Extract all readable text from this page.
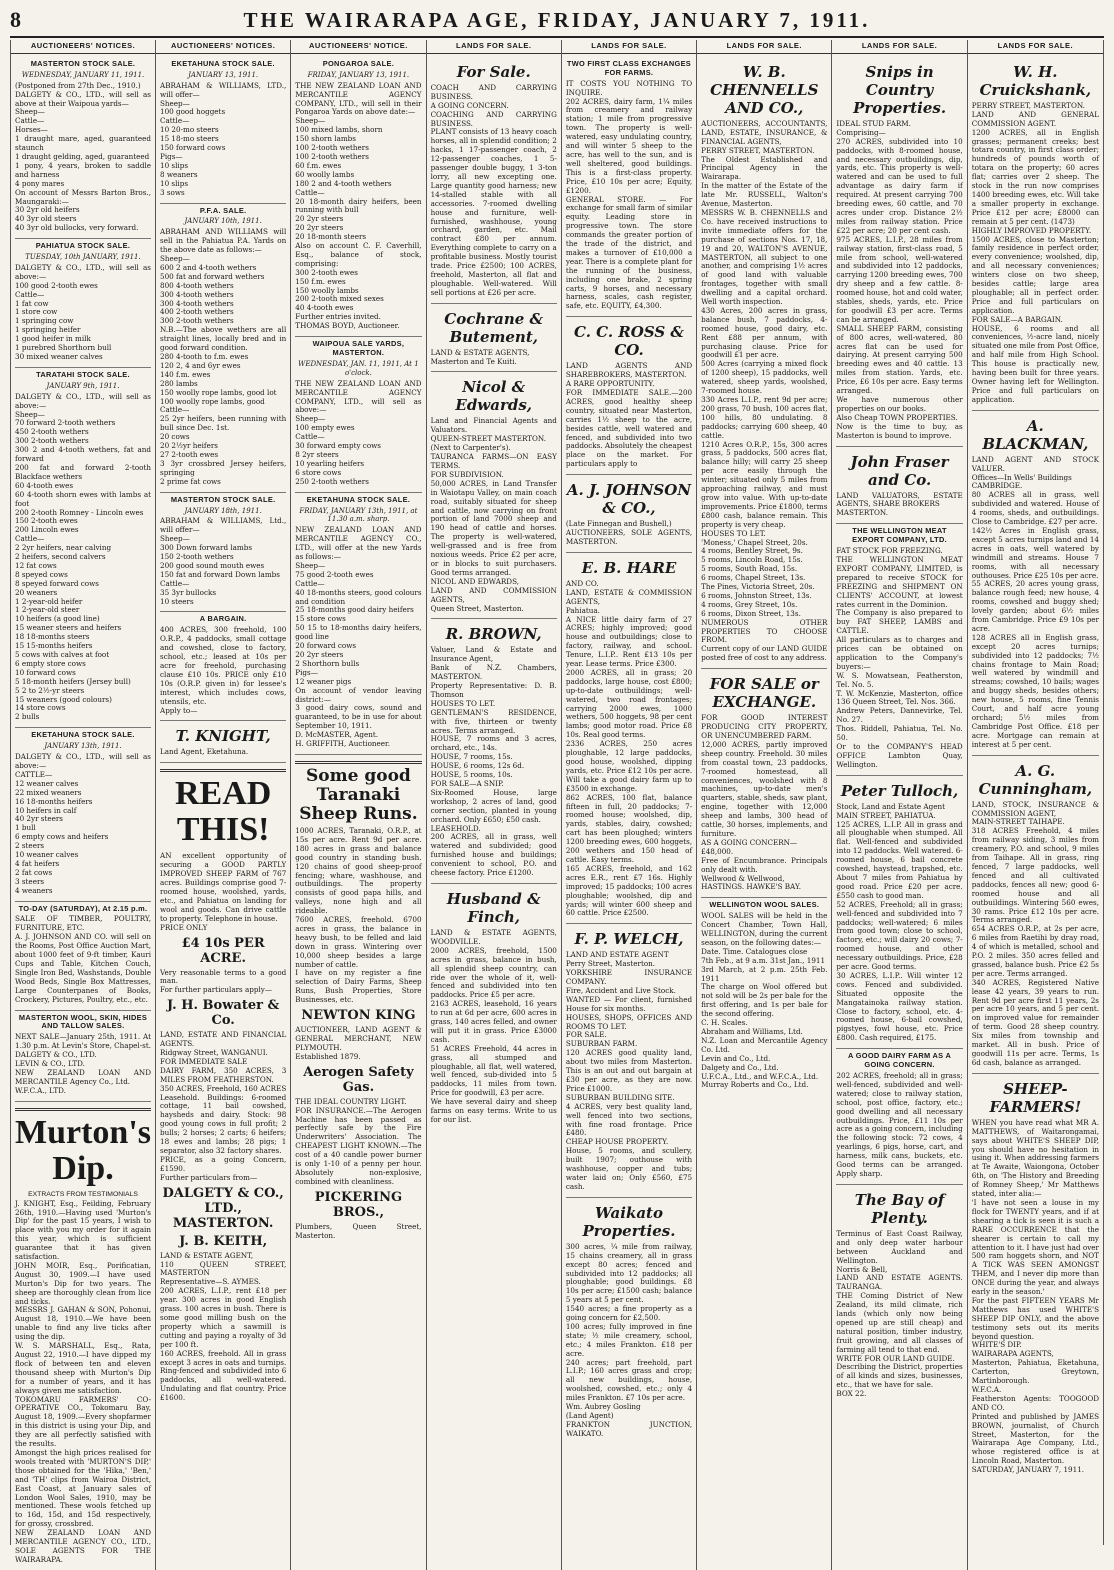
8	THE WAIRARAPA AGE, FRIDAY, JANUARY 7, 1911.
AUCTIONEERS' NOTICES.
MASTERTON STOCK SALE.
WEDNESDAY, JANUARY 11, 1911.
(Postponed from 27th Dec., 1910.)
DALGETY & CO., LTD., will sell as above at their Waipoua yards—
Sheep—
Cattle—
Horses—
1 draught mare, aged, guaranteed staunch
1 draught gelding, aged, guaranteed
1 pony, 4 years, broken to saddle and harness
4 pony mares
On account of Messrs Barton Bros., Maungaraki:—
30 2yr old heifers
40 3yr old steers
40 3yr old bullocks, very forward.
PAHIATUA STOCK SALE.
TUESDAY, 10th JANUARY, 1911.
DALGETY & CO., LTD., will sell as above:—
100 good 2-tooth ewes
Cattle—
1 fat cow
1 store cow
1 springing cow
1 springing heifer
1 good heifer in milk
1 purebred Shorthorn bull
30 mixed weaner calves
TARATAHI STOCK SALE.
JANUARY 9th, 1911.
DALGETY & CO., LTD., will sell as above:—
Sheep—
70 forward 2-tooth wethers
450 2-tooth wethers
300 2-tooth wethers
300 2 and 4-tooth wethers, fat and forward
200 fat and forward 2-tooth Blackface wethers
60 4-tooth ewes
60 4-tooth shorn ewes with lambs at foot
200 2-tooth Romney - Lincoln ewes
150 2-tooth ewes
200 Lincoln ewes
Cattle—
2 2yr heifers, near calving
2 heifers, second calvers
12 fat cows
8 speyed cows
8 speyed forward cows
20 weaners
1 2-year-old heifer
1 2-year-old steer
10 heifers (a good line)
15 weaner steers and heifers
18 18-months steers
15 15-months heifers
5 cows with calves at foot
6 empty store cows
10 forward cows
5 18-month heifers (Jersey bull)
5 2 to 2½-yr steers
15 weaners (good colours)
14 store cows
2 bulls
EKETAHUNA STOCK SALE.
JANUARY 13th, 1911.
DALGETY & CO., LTD., will sell as above:—
CATTLE—
12 weaner calves
22 mixed weaners
16 18-months heifers
10 heifers in calf
40 2yr steers
1 bull
6 empty cows and heifers
2 steers
10 weaner calves
4 fat heifers
2 fat cows
3 steers
4 weaners
TO-DAY (SATURDAY), At 2.15 p.m.
SALE OF TIMBER, POULTRY, FURNITURE, ETC.
A. J. JOHNSON AND CO. will sell on the Rooms, Post Office Auction Mart, about 1000 feet of 9-ft timber, Kauri Cups and Table, Kitchen Couch, Single Iron Bed, Washstands, Double Wood Beds, Single Box Mattresses, Large Counterpanes of Books, Crockery, Pictures, Poultry, etc., etc.
MASTERTON WOOL, SKIN, HIDES AND TALLOW SALES.
NEXT SALE—January 25th, 1911. At 1.30 p.m. At Levin's Store, Chapel-st.
DALGETY & CO., LTD.
LEVIN & CO., LTD.
NEW ZEALAND LOAN AND MERCANTILE Agency Co., Ltd.
W.F.C.A., LTD.
Murton's Dip.
EXTRACTS FROM TESTIMONIALS
J. KNIGHT, Esq., Feilding, February 26th, 1910.—Having used 'Murton's Dip' for the past 15 years, I wish to place with you my order for it again this year, which is sufficient guarantee that it has given satisfaction.
JOHN MOIR, Esq., Porificatian, August 30, 1909.—I have used Murton's Dip for two years. The sheep are thoroughly clean from lice and ticks.
MESSRS J. GAHAN & SON, Pohonui, August 18, 1910.—We have been unable to find any live ticks after using the dip.
W. S. MARSHALL, Esq., Rata, August 22, 1910.—I have dipped my flock of between ten and eleven thousand sheep with Murton's Dip for a number of years, and it has always given me satisfaction.
TOKOMARU FARMERS' CO-OPERATIVE CO., Tokomaru Bay, August 18, 1909.—Every shopfarmer in this district is using your Dip, and they are all perfectly satisfied with the results.
Amongst the high prices realised for wools treated with 'MURTON'S DIP,' those obtained for the 'Hika,' 'Ben,' and 'TH' clips from Wairoa District, East Coast, at January sales of London Wool Sales, 1910, may be mentioned. These wools fetched up to 16d, 15d, and 15d respectively, for grossy, crossbred.
NEW ZEALAND LOAN AND MERCANTILE AGENCY CO., LTD., SOLE AGENTS FOR THE WAIRARAPA.
AUCTIONEERS' NOTICES.
EKETAHUNA STOCK SALE.
JANUARY 13, 1911.
ABRAHAM & WILLIAMS, LTD., will offer—
Sheep—
100 good hoggets
Cattle—
10 20-mo steers
15 18-mo steers
150 forward cows
Pigs—
10 slips
8 weaners
10 slips
3 sows
P.F.A. SALE.
JANUARY 10th, 1911.
ABRAHAM AND WILLIAMS will sell in the Pahiatua P.A. Yards on the above date as follows:—
Sheep—
600 2 and 4-tooth wethers
500 fat and forward wethers
800 4-tooth wethers
300 4-tooth wethers
300 4-tooth wethers
400 2-tooth wethers
300 2-tooth wethers
N.B.—The above wethers are all straight lines, locally bred and in good forward condition.
280 4-tooth to f.m. ewes
120 2, 4 and 6yr ewes
140 f.m. ewes
280 lambs
150 woolly rope lambs, good lot
100 woolly rope lambs, good
Cattle—
25 2yr heifers, been running with bull since Dec. 1st.
20 cows
20 2½yr heifers
27 2-tooth ewes
3 3yr crossbred Jersey heifers, springing
2 prime fat cows
MASTERTON STOCK SALE.
JANUARY 18th, 1911.
ABRAHAM & WILLIAMS, Ltd., will offer—
Sheep—
300 Down forward lambs
150 2-tooth wethers
200 good sound mouth ewes
150 fat and forward Down lambs
Cattle—
35 3yr bullocks
10 steers
A BARGAIN.
400 ACRES, 300 freehold, 100 O.R.P., 4 paddocks, small cottage and cowshed, close to factory, school, etc.; leased at 10s per acre for freehold, purchasing clause £10 10s. PRICE only £10 10s (O.R.P. given in) for lessee's interest, which includes cows, utensils, etc.
Apply to—
T. KNIGHT,
Land Agent, Eketahuna.
READ THIS!
AN excellent opportunity of securing a GOOD PARTLY IMPROVED SHEEP FARM of 767 acres. Buildings comprise good 7-roomed house, woolshed, yards, etc., and Pahiatua on landing for wool and goods. Can drive cattle to property. Telephone in house.
PRICE ONLY
£4 10s PER ACRE.
Very reasonable terms to a good man.
For further particulars apply—
J. H. Bowater & Co.
LAND, ESTATE AND FINANCIAL AGENTS.
Ridgway Street, WANGANUI.
FOR IMMEDIATE SALE
DAIRY FARM, 350 ACRES, 3 MILES FROM FEATHERSTON.
350 ACRES, Freehold, 160 ACRES Leasehold. Buildings: 6-roomed cottage, 11 bail cowshed, haysheds and dairy. Stock: 98 good young cows in full profit; 2 bulls; 2 horses; 2 carts; 6 heifers; 18 ewes and lambs; 28 pigs; 1 separator, also 32 factory shares.
PRICE, as a going Concern, £1590.
Further particulars from—
DALGETY & CO., LTD., MASTERTON.
J. B. KEITH,
LAND & ESTATE AGENT,
110 QUEEN STREET, MASTERTON
Representative—S. AYMES.
200 ACRES, L.I.P., rent £18 per year. 300 acres in good English grass. 100 acres in bush. There is some good milling bush on the property which a sawmill is cutting and paying a royalty of 3d per 100 ft.
160 ACRES, freehold. All in grass except 3 acres in oats and turnips. Ring-fenced and subdivided into 6 paddocks, all well-watered. Undulating and flat country. Price £1600.
AUCTIONEERS' NOTICE.
PONGAROA SALE.
FRIDAY, JANUARY 13, 1911.
THE NEW ZEALAND LOAN AND MERCANTILE AGENCY COMPANY, LTD., will sell in their Pongaroa Yards on above date:—
Sheep—
100 mixed lambs, shorn
150 shorn lambs
100 2-tooth wethers
100 2-tooth wethers
60 f.m. ewes
60 woolly lambs
180 2 and 4-tooth wethers
Cattle—
20 18-month dairy heifers, been running with bull
20 2yr steers
20 2yr steers
20 18-month steers
Also on account C. F. Caverhill, Esq., balance of stock, comprising:
300 2-tooth ewes
150 f.m. ewes
150 woolly lambs
200 2-tooth mixed sexes
40 4-tooth ewes
Further entries invited.
THOMAS BOYD, Auctioneer.
WAIPOUA SALE YARDS, MASTERTON.
WEDNESDAY, JAN. 11, 1911, At 1 o'clock.
THE NEW ZEALAND LOAN AND MERCANTILE AGENCY COMPANY, LTD., will sell as above:—
Sheep—
100 empty ewes
Cattle—
30 forward empty cows
8 2yr steers
10 yearling heifers
6 store cows
250 2-tooth wethers
EKETAHUNA STOCK SALE.
FRIDAY, JANUARY 13th, 1911, at 11.30 a.m. sharp.
NEW ZEALAND LOAN AND MERCANTILE AGENCY CO., LTD., will offer at the new Yards as follows:—
Sheep—
75 good 2-tooth ewes
Cattle—
40 18-months steers, good colours and condition
25 18-months good dairy heifers
15 store cows
50 15 to 18-months dairy heifers, good line
20 forward cows
20 2yr steers
2 Shorthorn bulls
Pigs—
12 weaner pigs
On account of vendor leaving district:—
3 good dairy cows, sound and guaranteed, to be in use for about September 10, 1911.
D. McMASTER, Agent.
H. GRIFFITH, Auctioneer.
Some good Taranaki Sheep Runs.
1000 ACRES, Taranaki, O.R.P., at 15s per acre. Rent 9d per acre. 180 acres in grass and balance good country in standing bush. 120 chains of good sheep-proof fencing; whare, washhouse, and outbuildings. The property consists of good papa hills, and valleys, none high and all rideable.
7600 ACRES, freehold. 6700 acres in grass, the balance in heavy bush, to be felled and laid down in grass. Wintering over 10,000 sheep besides a large number of cattle.
I have on my register a fine selection of Dairy Farms, Sheep Runs, Bush Properties, Store Businesses, etc.
NEWTON KING
AUCTIONEER, LAND AGENT & GENERAL MERCHANT, NEW PLYMOUTH.
Established 1879.
Aerogen Safety Gas.
THE IDEAL COUNTRY LIGHT.
FOR INSURANCE.—The Aerogen Machine has been passed as perfectly safe by the Fire Underwriters' Association. The CHEAPEST LIGHT KNOWN.—The cost of a 40 candle power burner is only 1-10 of a penny per hour. Absolutely non-explosive, combined with cleanliness.
PICKERING BROS.,
Plumbers, Queen Street, Masterton.
LANDS FOR SALE.
For Sale.
COACH AND CARRYING BUSINESS.
A GOING CONCERN.
COACHING AND CARRYING BUSINESS.
PLANT consists of 13 heavy coach horses, all in splendid condition; 2 hacks, 1 17-passenger coach, 2 12-passenger coaches, 1 5-passenger double buggy, 1 3-ton lorry, all new excepting one. Large quantity good harness; new 14-stalled stable with all accessories. 7-roomed dwelling house and furniture, well-furnished, washhouse, young orchard, garden, etc. Mail contract £80 per annum. Everything complete to carry on a profitable business. Mostly tourist trade. Price £2500; 100 ACRES, freehold, Masterton, all flat and ploughable. Well-watered. Will sell portions at £26 per acre.
Cochrane & Butement,
LAND & ESTATE AGENTS,
Masterton and Te Kuiti.
Nicol & Edwards,
Land and Financial Agents and Valuators.
QUEEN-STREET MASTERTON.
(Next to Carpenter's).
TAURANCA FARMS—ON EASY TERMS.
FOR SUBDIVISION.
50,000 ACRES, in Land Transfer in Waiotapu Valley, on main coach road, suitably situated for sheep and cattle, now carrying on front portion of land 7000 sheep and 190 head of cattle and horses. The property is well-watered, well-grassed and is free from noxious weeds. Price £2 per acre, or in blocks to suit purchasers. Good terms arranged.
NICOL AND EDWARDS,
LAND AND COMMISSION AGENTS,
Queen Street, Masterton.
R. BROWN,
Valuer, Land & Estate and Insurance Agent,
Bank of N.Z. Chambers, MASTERTON.
Property Representative: D. B. Thomson
HOUSES TO LET.
GENTLEMAN'S RESIDENCE, with five, thirteen or twenty acres. Terms arranged.
HOUSE, 7 rooms and 3 acres, orchard, etc., 14s.
HOUSE, 7 rooms, 15s.
HOUSE, 6 rooms, 12s 6d.
HOUSE, 5 rooms, 10s.
FOR SALE—A SNIP.
Six-Roomed House, large workshop, 2 acres of land, good corner section, planted in young orchard. Only £650; £50 cash.
LEASEHOLD.
200 ACRES, all in grass, well watered and subdivided; good furnished house and buildings; convenient to school, P.O. and cheese factory. Price £1200.
Husband & Finch,
LAND & ESTATE AGENTS, WOODVILLE.
2000 ACRES, freehold, 1500 acres in grass, balance in bush, all splendid sheep country, can ride over the whole of it, well-fenced and subdivided into ten paddocks. Price £5 per acre.
2163 ACRES, leasehold, 16 years to run at 6d per acre, 600 acres in grass, 140 acres felled, and owner will put it in grass. Price £3000 cash.
51 ACRES Freehold, 44 acres in grass, all stumped and ploughable, all flat, well watered, well fenced, sub-divided into 5 paddocks, 11 miles from town. Price for goodwill, £3 per acre.
We have several dairy and sheep farms on easy terms. Write to us for our list.
LANDS FOR SALE.
TWO FIRST CLASS EXCHANGES FOR FARMS.
IT COSTS YOU NOTHING TO INQUIRE.
202 ACRES, dairy farm, 1¼ miles from creamery and railway station; 1 mile from progressive town. The property is well-watered, easy undulating country, and will winter 5 sheep to the acre, has well to the sun, and is well sheltered, good buildings. This is a first-class property. Price, £10 10s per acre; Equity, £1200.
GENERAL STORE. — For exchange for small farm of similar equity. Leading store in progressive town. The store commands the greater portion of the trade of the district, and makes a turnover of £10,000 a year. There is a complete plant for the running of the business, including one brake, 2 spring carts, 9 horses, and necessary harness, scales, cash register, safe, etc. EQUITY, £4,300.
C. C. ROSS & CO.
LAND AGENTS AND SHAREBROKERS, MASTERTON.
A RARE OPPORTUNITY.
FOR IMMEDIATE SALE.—200 ACRES, good healthy sheep country, situated near Masterton, carries 1½ sheep to the acre, besides cattle, well watered and fenced, and subdivided into two paddocks. Absolutely the cheapest place on the market. For particulars apply to
A. J. JOHNSON & CO.,
(Late Finnegan and Bushell,)
AUCTIONEERS, SOLE AGENTS, MASTERTON.
E. B. HARE
AND CO.
LAND, ESTATE & COMMISSION AGENTS,
Pahiatua.
A NICE little dairy farm of 27 ACRES; highly improved; good house and outbuildings; close to factory, railway, and school. Tenure, L.I.P.. Rent £13 10s per year. Lease terms. Price £300.
2000 ACRES, all in grass; 20 paddocks, large house, cost £800; up-to-date outbuildings; well-watered, two road frontages; carrying 2000 ewes, 1000 wethers, 500 hoggets, 98 per cent lambs; good motor road. Price £8 10s. Real good terms.
2336 ACRES, 250 acres ploughable, 12 large paddocks, good house, woolshed, dipping yards, etc. Price £12 10s per acre. Will take a good dairy farm up to £3500 in exchange.
862 ACRES, 100 flat, balance fifteen in full, 20 paddocks; 7-roomed house; woolshed, dip, yards, stables, dairy, cowshed; cart has been ploughed; winters 1200 breeding ewes, 600 hoggets, 200 wethers and 150 head of cattle. Easy terms.
165 ACRES, freehold, and 162 acres E.R., rent £7 16s. Highly improved; 15 paddocks; 100 acres ploughable; woolshed, dip and yards; will winter 600 sheep and 60 cattle. Price £2500.
F. P. WELCH,
LAND AND ESTATE AGENT
Perry Street, Masterton.
YORKSHIRE INSURANCE COMPANY.
Fire, Accident and Live Stock.
WANTED — For client, furnished House for six months.
HOUSES, SHOPS, OFFICES AND ROOMS TO LET.
FOR SALE.
SUBURBAN FARM.
120 ACRES good quality land, about two miles from Masterton. This is an out and out bargain at £30 per acre, as they are now. Price £1000.
SUBURBAN BUILDING SITE.
4 ACRES, very best quality land, well fenced into two sections, with fine road frontage. Price £480.
CHEAP HOUSE PROPERTY.
House, 5 rooms, and scullery, built 1907; outhouse with washhouse, copper and tubs; water laid on; Only £560, £75 cash.
Waikato Properties.
300 acres, ¼ mile from railway, 15 chains creamery, all in grass except 80 acres; fenced and subdivided into 12 paddocks; all ploughable; good buildings. £8 10s per acre; £1500 cash; balance 5 years at 5 per cent.
1540 acres; a fine property as a going concern for £2,500.
100 acres; fully improved in fine state; ½ mile creamery, school, etc.; 4 miles Frankton. £18 per acre.
240 acres; part freehold, part L.I.P.; 160 acres grass and crop; all new buildings, house, woolshed, cowshed, etc.; only 4 miles Frankton. £7 10s per acre.
Wm. Aubrey Gosling
(Land Agent)
FRANKTON JUNCTION, WAIKATO.
LANDS FOR SALE.
W. B. CHENNELLS AND CO.,
AUCTIONEERS, ACCOUNTANTS, LAND, ESTATE, INSURANCE, & FINANCIAL AGENTS,
PERRY STREET, MASTERTON.
The Oldest Established and Principal Agency in the Wairarapa.
In the matter of the Estate of the late Mr. RUSSELL, Walton's Avenue, Masterton.
MESSRS W. B. CHENNELLS and Co. have received instructions to invite immediate offers for the purchase of sections Nos. 17, 18, 19 and 20, WALTON'S AVENUE, MASTERTON, all subject to one another, and comprising 1½ acres of good land with valuable frontages, together with small dwelling and a capital orchard. Well worth inspection.
430 Acres, 200 acres in grass, balance bush, 7 paddocks, 4-roomed house, good dairy, etc. Rent £88 per annum, with purchasing clause. Price for goodwill £1 per acre.
500 Acres (carrying a mixed flock of 1200 sheep), 15 paddocks, well watered, sheep yards, woolshed, 7-roomed house.
330 Acres L.I.P., rent 9d per acre; 200 grass, 70 bush, 100 acres flat, 100 hills, 80 undulating. 8 paddocks; carrying 600 sheep, 40 cattle.
1210 Acres O.R.P., 15s, 300 acres grass, 5 paddocks, 500 acres flat, balance hilly; will carry 25 sheep per acre easily through the winter; situated only 5 miles from approaching railway, and must grow into value. With up-to-date improvements. Price £1800, terms £800 cash, balance remain. This property is very cheap.
HOUSES TO LET.
'Moness,' Chapel Street, 20s.
4 rooms, Bentley Street, 9s.
5 rooms, Lincoln Road, 15s.
5 rooms, South Road, 15s.
6 rooms, Chapel Street, 13s.
The Pines, Victoria Street, 20s.
6 rooms, Johnston Street, 13s.
4 rooms, Grey Street, 10s.
6 rooms, Dixon Street, 13s.
NUMEROUS OTHER PROPERTIES TO CHOOSE FROM.
Current copy of our LAND GUIDE posted free of cost to any address.
FOR SALE or EXCHANGE.
FOR GOOD INTEREST PRODUCING CITY PROPERTY, OR UNENCUMBERED FARM.
12,000 ACRES, partly improved sheep country. Freehold. 30 miles from coastal town, 23 paddocks, 7-roomed homestead, all conveniences, woolshed with 8 machines, up-to-date men's quarters, stable, sheds, saw plant, engine, together with 12,000 sheep and lambs, 300 head of cattle, 30 horses, implements, and furniture.
AS A GOING CONCERN—
£48,000.
Free of Encumbrance. Principals only dealt with.
Wellwood & Wellwood,
HASTINGS. HAWKE'S BAY.
WELLINGTON WOOL SALES.
WOOL SALES will be held in the Concert Chamber, Town Hall, WELLINGTON, during the current season, on the following dates:—
Date. Time. Catalogues close
7th Feb., at 9 a.m. 31st Jan., 1911
3rd March, at 2 p.m. 25th Feb. 1911
The charge on Wool offered but not sold will be 2s per bale for the first offering, and 1s per bale for the second offering.
C. H. Scales.
Abraham and Williams, Ltd.
N.Z. Loan and Mercantile Agency Co. Ltd.
Levin and Co., Ltd.
Dalgety and Co., Ltd.
U.F.C.A., Ltd., and W.F.C.A., Ltd.
Murray Roberts and Co., Ltd.
LANDS FOR SALE.
Snips in Country Properties.
IDEAL STUD FARM.
Comprising—
270 ACRES, subdivided into 10 paddocks, with 8-roomed house, and necessary outbuildings, dip, yards, etc. This property is well-watered and can be used to full advantage as dairy farm if required. At present carrying 700 breeding ewes, 60 cattle, and 70 acres under crop. Distance 2½ miles from railway station. Price £22 per acre; 20 per cent cash.
975 ACRES, L.I.P., 28 miles from railway station, first-class road, 5 mile from school, well-watered and subdivided into 12 paddocks, carrying 1200 breeding ewes, 700 dry sheep and a few cattle. 8-roomed house, hot and cold water, stables, sheds, yards, etc. Price for goodwill £3 per acre. Terms can be arranged.
SMALL SHEEP FARM, consisting of 800 acres, well-watered, 80 acres flat can be used for dairying. At present carrying 500 breeding ewes and 40 cattle. 13 miles from station. Yards, etc. Price, £6 10s per acre. Easy terms arranged.
We have numerous other properties on our books.
Also Cheap TOWN PROPERTIES.
Now is the time to buy, as Masterton is bound to improve.
John Fraser and Co.
LAND VALUATORS, ESTATE AGENTS, SHARE BROKERS
MASTERTON.
THE WELLINGTON MEAT EXPORT COMPANY, LTD.
FAT STOCK FOR FREEZING.
THE WELLINGTON MEAT EXPORT COMPANY, LIMITED, is prepared to receive STOCK for FREEZING and SHIPMENT ON CLIENTS' ACCOUNT, at lowest rates current in the Dominion.
The Company is also prepared to buy FAT SHEEP, LAMBS and CATTLE.
All particulars as to charges and prices can be obtained on application to the Company's buyers:—
W. S. Mowatsean, Featherston, Tel. No. 5.
T. W. McKenzie, Masterton, office 136 Queen Street, Tel. Nos. 366.
Andrew Peters, Dannevirke, Tel. No. 27.
Thos. Riddell, Pahiatua, Tel. No. 50.
Or to the COMPANY'S HEAD OFFICE Lambton Quay, Wellington.
Peter Tulloch,
Stock, Land and Estate Agent
MAIN STREET, PAHIATUA.
125 ACRES, L.I.P. All in grass and all ploughable when stumped. All flat. Well-fenced and subdivided into 12 paddocks. Well watered. 6-roomed house, 6 bail concrete cowshed, haystead, trapshed, etc. About 7 miles from Pahiatua by good road. Price £20 per acre. £550 cash to good man.
52 ACRES, Freehold; all in grass; well-fenced and subdivided into 7 paddocks; well-watered; 6 miles from good town; close to school, factory, etc.; will dairy 20 cows; 7-roomed house, and other necessary outbuildings. Price, £28 per acre. Good terms.
30 ACRES, L.I.P.. Will winter 12 cows. Fenced and subdivided. Situated opposite the Mangatainoka railway station. Close to factory, school, etc. 4-roomed house, 6-bail cowshed, pigstyes, fowl house, etc. Price £800. Cash required, £175.
A GOOD DAIRY FARM AS A GOING CONCERN.
202 ACRES, freehold; all in grass; well-fenced, subdivided and well-watered; close to railway station, school, post office, factory, etc.; good dwelling and all necessary outbuildings. Price, £11 10s per acre as a going concern, including the following stock: 72 cows, 4 yearlings, 6 pigs, horse, cart, and harness, milk cans, buckets, etc. Good terms can be arranged. Apply sharp.
The Bay of Plenty.
Terminus of East Coast Railway, and only deep water harbour between Auckland and Wellington.
Norris & Bell,
LAND AND ESTATE AGENTS. TAURANGA.
THE Coming District of New Zealand, its mild climate, rich lands (which only now being opened up are still cheap) and natural position, timber industry, fruit growing, and all classes of farming all tend to that end.
WRITE FOR OUR LAND GUIDE.
Describing the District, properties of all kinds and sizes, businesses, etc., that we have for sale.
BOX 22.
LANDS FOR SALE.
W. H. Cruickshank,
PERRY STREET, MASTERTON.
LAND AND GENERAL COMMISSION AGENT.
1200 ACRES, all in English grasses; permanent creeks; best totara country, in first class order; hundreds of pounds worth of totara on the property; 60 acres flat; carries over 2 sheep. The stock in the run now comprises 1400 breeding ewes, etc. Will take a smaller property in exchange. Price £12 per acre; £8000 can remain at 5 per cent. (1473)
HIGHLY IMPROVED PROPERTY.
1500 ACRES, close to Masterton; family residence in perfect order, every convenience; woolshed, dip, and all necessary conveniences; winters close on two sheep, besides cattle; large area ploughable; all in perfect order. Price and full particulars on application.
FOR SALE—A BARGAIN.
HOUSE, 6 rooms and all conveniences, ½-acre land, nicely situated one mile from Post Office, and half mile from High School. This house is practically new, having been built for three years. Owner having left for Wellington. Price and full particulars on application.
A. BLACKMAN,
LAND AGENT AND STOCK VALUER.
Offices—In Wells' Buildings
CAMBRIDGE.
80 ACRES all in grass, well subdivided and watered. House of 4 rooms, sheds, and outbuildings. Close to Cambridge. £27 per acre.
142½ Acres in English grass, except 5 acres turnips land and 14 acres in oats, well watered by windmill and streams. House 7 rooms, with all necessary outhouses. Price £25 10s per acre.
55 ACRES, 20 acres young grass, balance rough feed; new house, 4 rooms, cowshed and buggy shed; lovely garden; about 6½ miles from Cambridge. Price £9 10s per acre.
128 ACRES all in English grass, except 20 acres turnips; subdivided into 12 paddocks; 7½ chains frontage to Main Road; well watered by windmill and streams; cowshed, 10 bails; wages and buggy sheds, besides others; new house, 5 rooms, fine Tennis Court, and half acre young orchard; 5½ miles from Cambridge Post Office. £18 per acre. Mortgage can remain at interest at 5 per cent.
A. G. Cunningham,
LAND, STOCK, INSURANCE & COMMISSION AGENT,
MAIN-STREET TAIHAPE.
318 ACRES Freehold, 4 miles from railway siding, 3 miles from creamery, P.O. and school, 9 miles from Taihape. All in grass, ring fenced, 7 large paddocks, well fenced and all cultivated paddocks, fences all new; good 6-roomed house and all outbuildings. Wintering 560 ewes, 30 rams. Price £12 10s per acre. Terms arranged.
654 ACRES O.R.P., at 2s per acre, 6 miles from Raetihi by dray road, 4 of which is metalled, school and P.O. 2 miles. 350 acres felled and grassed, balance bush. Price £2 5s per acre. Terms arranged.
340 ACRES, Registered Native lease 42 years, 39 years to run. Rent 9d per acre first 11 years, 2s per acre 10 years, and 5 per cent. on improved value for remainder of term. Good 28 sheep country. Six miles from township and market. All in bush. Price of goodwill 11s per acre. Terms, 1s 6d cash, balance as arranged.
SHEEP-FARMERS!
WHEN you have read what MR A. MATTHEWS, of Waitarongamai, says about WHITE'S SHEEP DIP, you should have no hesitation in using it. When addressing farmers at Te Awaite, Waiongona, October 6th, on 'The History and Breeding of Romney Sheep,' Mr Matthews stated, inter alia:—
'I have not seen a louse in my flock for TWENTY years, and if at shearing a tick is seen it is such a RARE OCCURRENCE that the shearer is certain to call my attention to it. I have just had over 500 ram hoggets shorn, and NOT A TICK WAS SEEN AMONGST THEM, and I never dip more than ONCE during the year, and always early in the season.'
For the past FIFTEEN YEARS Mr Matthews has used WHITE'S SHEEP DIP ONLY, and the above testimony sets out its merits beyond question.
WHITE'S DIP.
WAIRARAPA AGENTS,
Masterton, Pahiatua, Eketahuna, Carterton, Greytown, Martinborough.
W.F.C.A.
Featherston Agents: TOOGOOD AND CO.
Printed and published by JAMES BROWN, journalist, of Church Street, Masterton, for the Wairarapa Age Company, Ltd., whose registered office is at Lincoln Road, Masterton.
SATURDAY, JANUARY 7, 1911.
